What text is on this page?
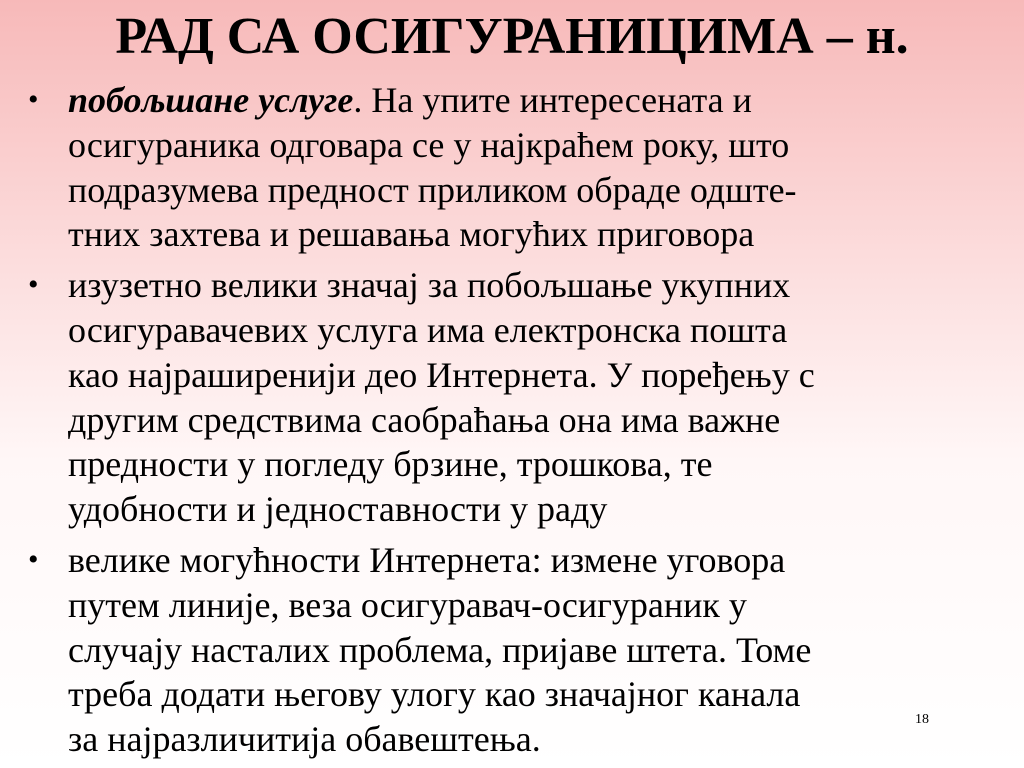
РАД СА ОСИГУРАНИЦИМА – н.
• побољшане услуге. На упите интересената и
осигураника одговара се у најкраћем року, што
подразумева предност приликом обраде одште-
тних захтева и решавања могућих приговора
• изузетно велики значај за побољшање укупних
осигуравачевих услуга има електронска пошта
као најраширенији део Интернета. У поређењу с
другим средствима саобраћања она има важне
предности у погледу брзине, трошкова, те
удобности и једноставности у раду
• велике могућности Интернета: измене уговора
путем линије, веза осигуравач-осигураник у
случају насталих проблема, пријаве штета. Томе
треба додати његову улогу као значајног канала
за најразличитија обавештења.	18
